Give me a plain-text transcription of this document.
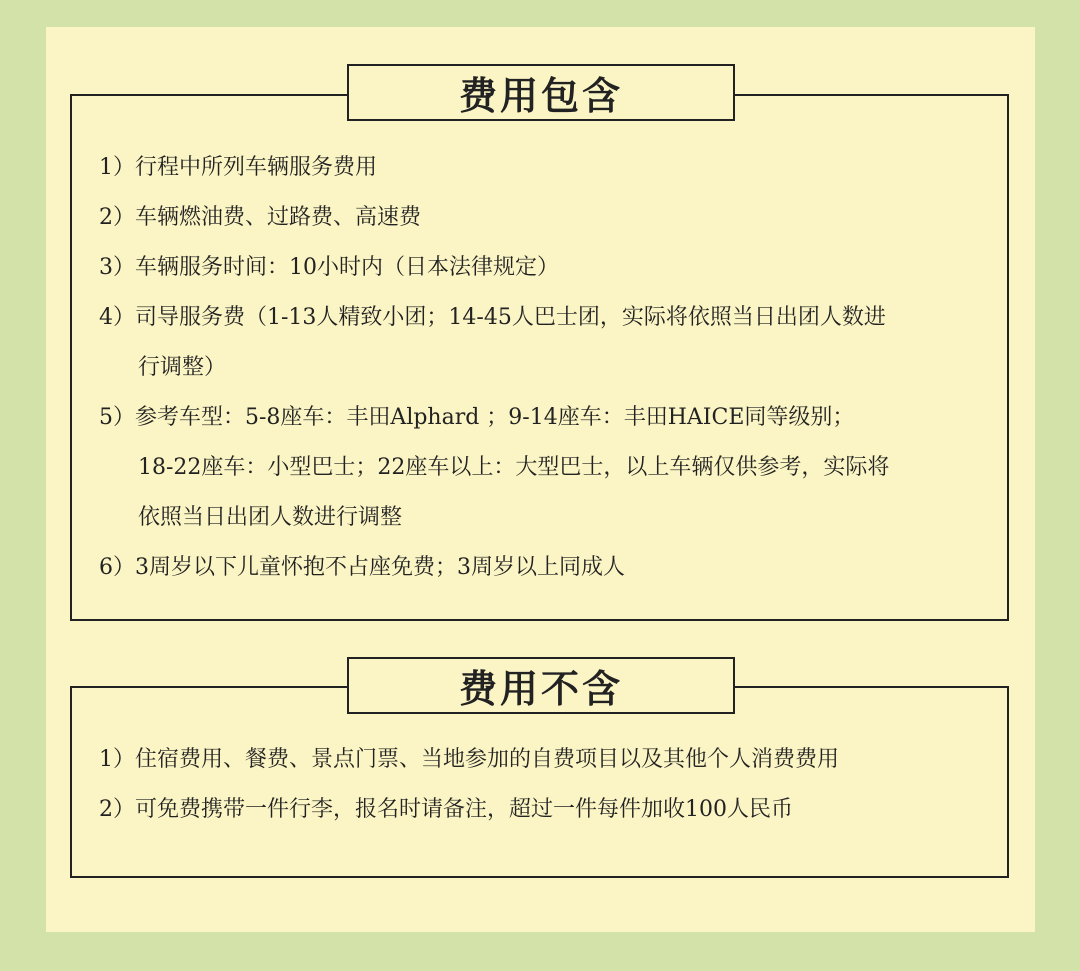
费用包含
1）行程中所列车辆服务费用
2）车辆燃油费、过路费、高速费
3）车辆服务时间：10小时内（日本法律规定）
4）司导服务费（1-13人精致小团；14-45人巴士团，实际将依照当日出团人数进
行调整）
5）参考车型：5-8座车：丰田Alphard ；9-14座车：丰田HAICE同等级别；
18-22座车：小型巴士；22座车以上：大型巴士，以上车辆仅供参考，实际将
依照当日出团人数进行调整
6）3周岁以下儿童怀抱不占座免费；3周岁以上同成人
费用不含
1）住宿费用、餐费、景点门票、当地参加的自费项目以及其他个人消费费用
2）可免费携带一件行李，报名时请备注，超过一件每件加收100人民币
